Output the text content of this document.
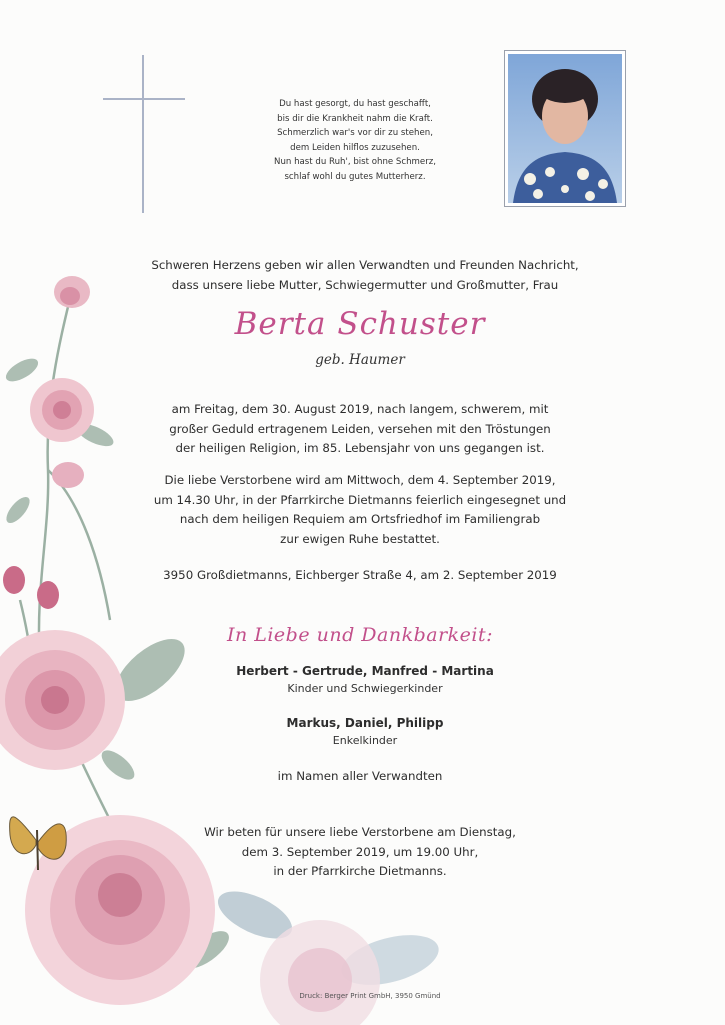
Du hast gesorgt, du hast geschafft,
bis dir die Krankheit nahm die Kraft.
Schmerzlich war's vor dir zu stehen,
dem Leiden hilflos zuzusehen.
Nun hast du Ruh', bist ohne Schmerz,
schlaf wohl du gutes Mutterherz.
Schweren Herzens geben wir allen Verwandten und Freunden Nachricht,
dass unsere liebe Mutter, Schwiegermutter und Großmutter, Frau
Berta Schuster
geb. Haumer
am Freitag, dem 30. August 2019, nach langem, schwerem, mit
großer Geduld ertragenem Leiden, versehen mit den Tröstungen
der heiligen Religion, im 85. Lebensjahr von uns gegangen ist.
Die liebe Verstorbene wird am Mittwoch, dem 4. September 2019,
um 14.30 Uhr, in der Pfarrkirche Dietmanns feierlich eingesegnet und
nach dem heiligen Requiem am Ortsfriedhof im Familiengrab
zur ewigen Ruhe bestattet.
3950 Großdietmanns, Eichberger Straße 4, am 2. September 2019
In Liebe und Dankbarkeit:
Herbert - Gertrude, Manfred - Martina
Kinder und Schwiegerkinder
Markus, Daniel, Philipp
Enkelkinder
im Namen aller Verwandten
Wir beten für unsere liebe Verstorbene am Dienstag,
dem 3. September 2019, um 19.00 Uhr,
in der Pfarrkirche Dietmanns.
Druck: Berger Print GmbH, 3950 Gmünd
